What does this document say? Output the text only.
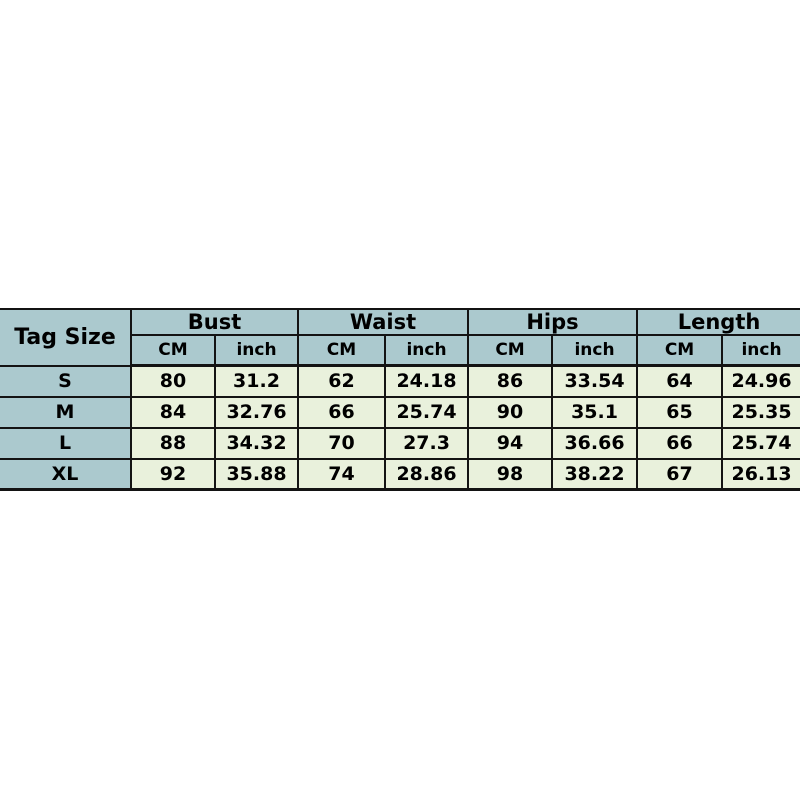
Tag Size	Bust		Waist		Hips		Length	
	CM	inch	CM	inch	CM	inch	CM	inch
S	80	31.2	62	24.18	86	33.54	64	24.96
M	84	32.76	66	25.74	90	35.1	65	25.35
L	88	34.32	70	27.3	94	36.66	66	25.74
XL	92	35.88	74	28.86	98	38.22	67	26.13
